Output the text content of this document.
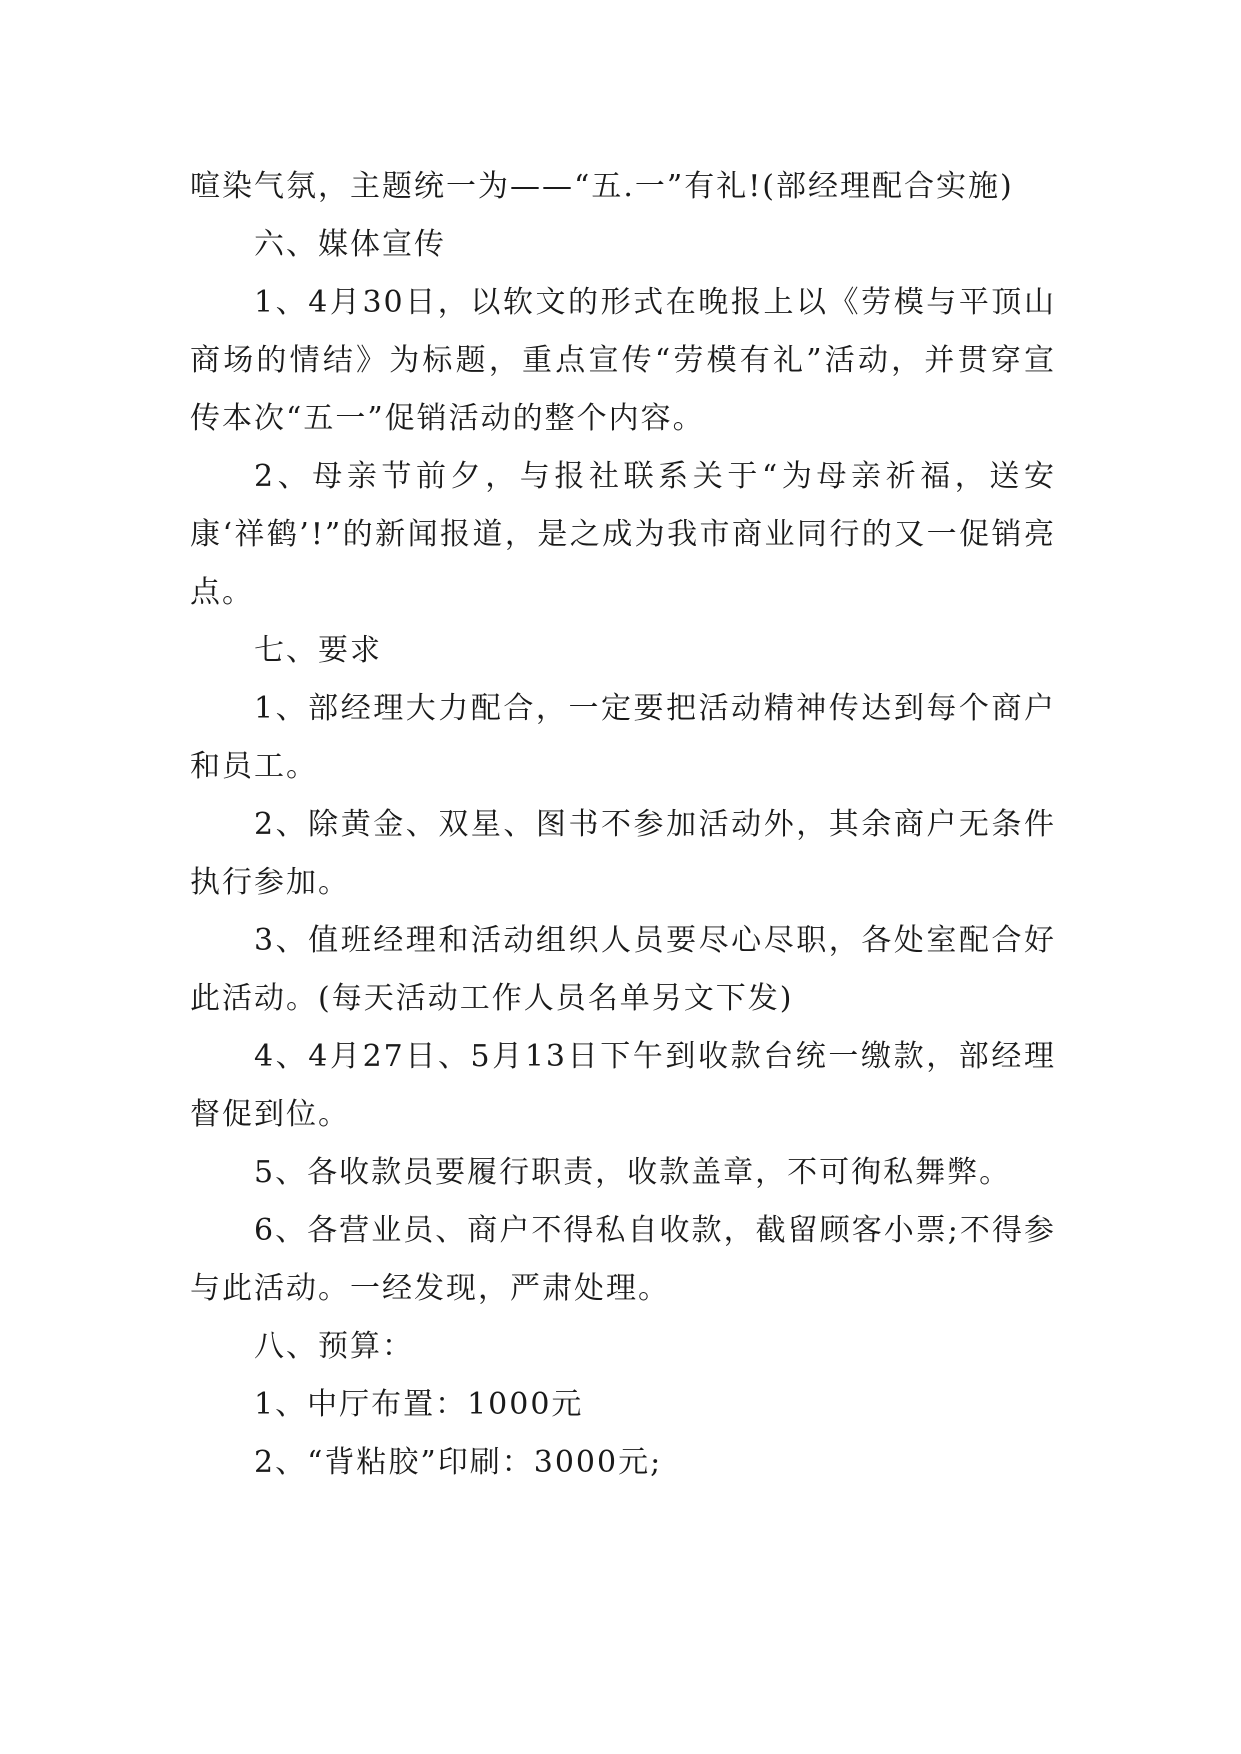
喧染气氛，主题统一为——“五.一”有礼!(部经理配合实施)

六、媒体宣传

1、4月30日，以软文的形式在晚报上以《劳模与平顶山商场的情结》为标题，重点宣传“劳模有礼”活动，并贯穿宣传本次“五一”促销活动的整个内容。

2、母亲节前夕，与报社联系关于“为母亲祈福，送安康‘祥鹤’!”的新闻报道，是之成为我市商业同行的又一促销亮点。

七、要求

1、部经理大力配合，一定要把活动精神传达到每个商户和员工。

2、除黄金、双星、图书不参加活动外，其余商户无条件执行参加。

3、值班经理和活动组织人员要尽心尽职，各处室配合好此活动。(每天活动工作人员名单另文下发)

4、4月27日、5月13日下午到收款台统一缴款，部经理督促到位。

5、各收款员要履行职责，收款盖章，不可徇私舞弊。

6、各营业员、商户不得私自收款，截留顾客小票;不得参与此活动。一经发现，严肃处理。

八、预算：

1、中厅布置：1000元

2、“背粘胶”印刷：3000元;
